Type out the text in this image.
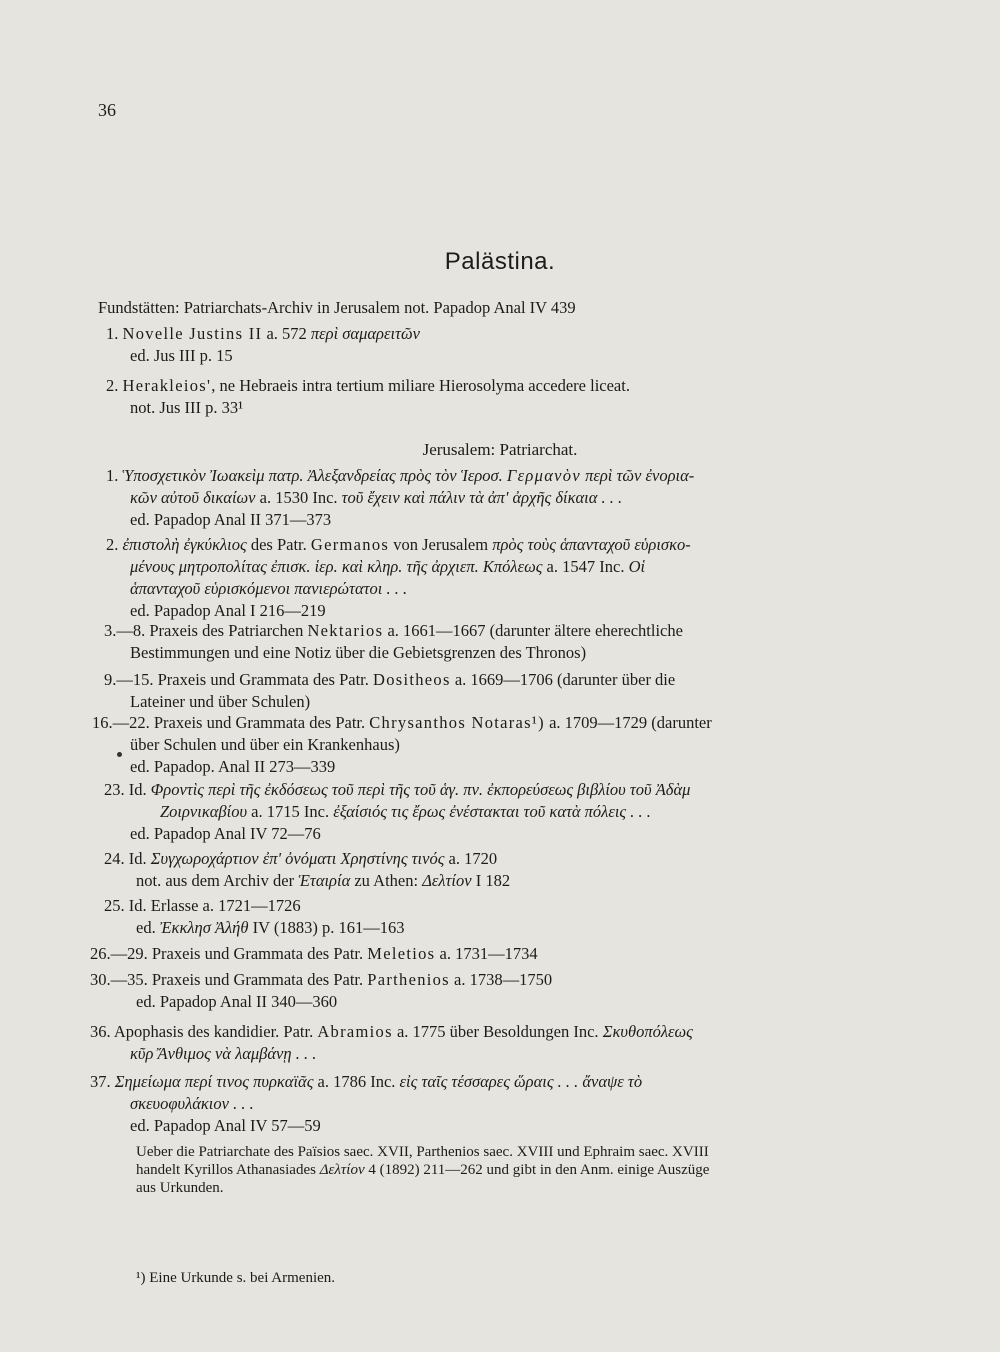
36
Palästina.
Fundstätten: Patriarchats-Archiv in Jerusalem not. Papadop Anal IV 439
1. Novelle Justins II a. 572 περὶ σαμαρειτῶν
ed. Jus III p. 15
2. Herakleios', ne Hebraeis intra tertium miliare Hierosolyma accedere liceat.
not. Jus III p. 33¹
Jerusalem: Patriarchat.
1. Ὑποσχετικὸν Ἰωακεὶμ πατρ. Ἀλεξανδρείας πρὸς τὸν Ἱεροσ. Γερμανὸν περὶ τῶν ἐνορια-
κῶν αὐτοῦ δικαίων a. 1530 Inc. τοῦ ἔχειν καὶ πάλιν τὰ ἀπ' ἀρχῆς δίκαια . . .
ed. Papadop Anal II 371—373
2. ἐπιστολὴ ἐγκύκλιος des Patr. Germanos von Jerusalem πρὸς τοὺς ἁπανταχοῦ εὑρισκο-
μένους μητροπολίτας ἐπισκ. ἱερ. καὶ κληρ. τῆς ἀρχιεπ. Κπόλεως a. 1547 Inc. Οἱ
ἁπανταχοῦ εὑρισκόμενοι πανιερώτατοι . . .
ed. Papadop Anal I 216—219
3.—8. Praxeis des Patriarchen Nektarios a. 1661—1667 (darunter ältere eherechtliche
Bestimmungen und eine Notiz über die Gebietsgrenzen des Thronos)
9.—15. Praxeis und Grammata des Patr. Dositheos a. 1669—1706 (darunter über die
Lateiner und über Schulen)
16.—22. Praxeis und Grammata des Patr. Chrysanthos Notaras¹) a. 1709—1729 (darunter
über Schulen und über ein Krankenhaus)
ed. Papadop. Anal II 273—339
23. Id. Φροντὶς περὶ τῆς ἐκδόσεως τοῦ περὶ τῆς τοῦ ἁγ. πν. ἐκπορεύσεως βιβλίου τοῦ Ἀδὰμ
Ζοιρνικαβίου a. 1715 Inc. ἐξαίσιός τις ἔρως ἐνέστακται τοῦ κατὰ πόλεις . . .
ed. Papadop Anal IV 72—76
24. Id. Συγχωροχάρτιον ἐπ' ὀνόματι Χρηστίνης τινός a. 1720
not. aus dem Archiv der Ἑταιρία zu Athen: Δελτίον I 182
25. Id. Erlasse a. 1721—1726
ed. Ἐκκλησ Ἀλήθ IV (1883) p. 161—163
26.—29. Praxeis und Grammata des Patr. Meletios a. 1731—1734
30.—35. Praxeis und Grammata des Patr. Parthenios a. 1738—1750
ed. Papadop Anal II 340—360
36. Apophasis des kandidier. Patr. Abramios a. 1775 über Besoldungen Inc. Σκυθοπόλεως
κῦρ Ἄνθιμος νὰ λαμβάνῃ . . .
37. Σημείωμα περί τινος πυρκαϊᾶς a. 1786 Inc. εἰς ταῖς τέσσαρες ὥραις . . . ἄναψε τὸ
σκευοφυλάκιον . . .
ed. Papadop Anal IV 57—59
Ueber die Patriarchate des Païsios saec. XVII, Parthenios saec. XVIII und Ephraim saec. XVIII
handelt Kyrillos Athanasiades Δελτίον 4 (1892) 211—262 und gibt in den Anm. einige Auszüge
aus Urkunden.
¹) Eine Urkunde s. bei Armenien.
